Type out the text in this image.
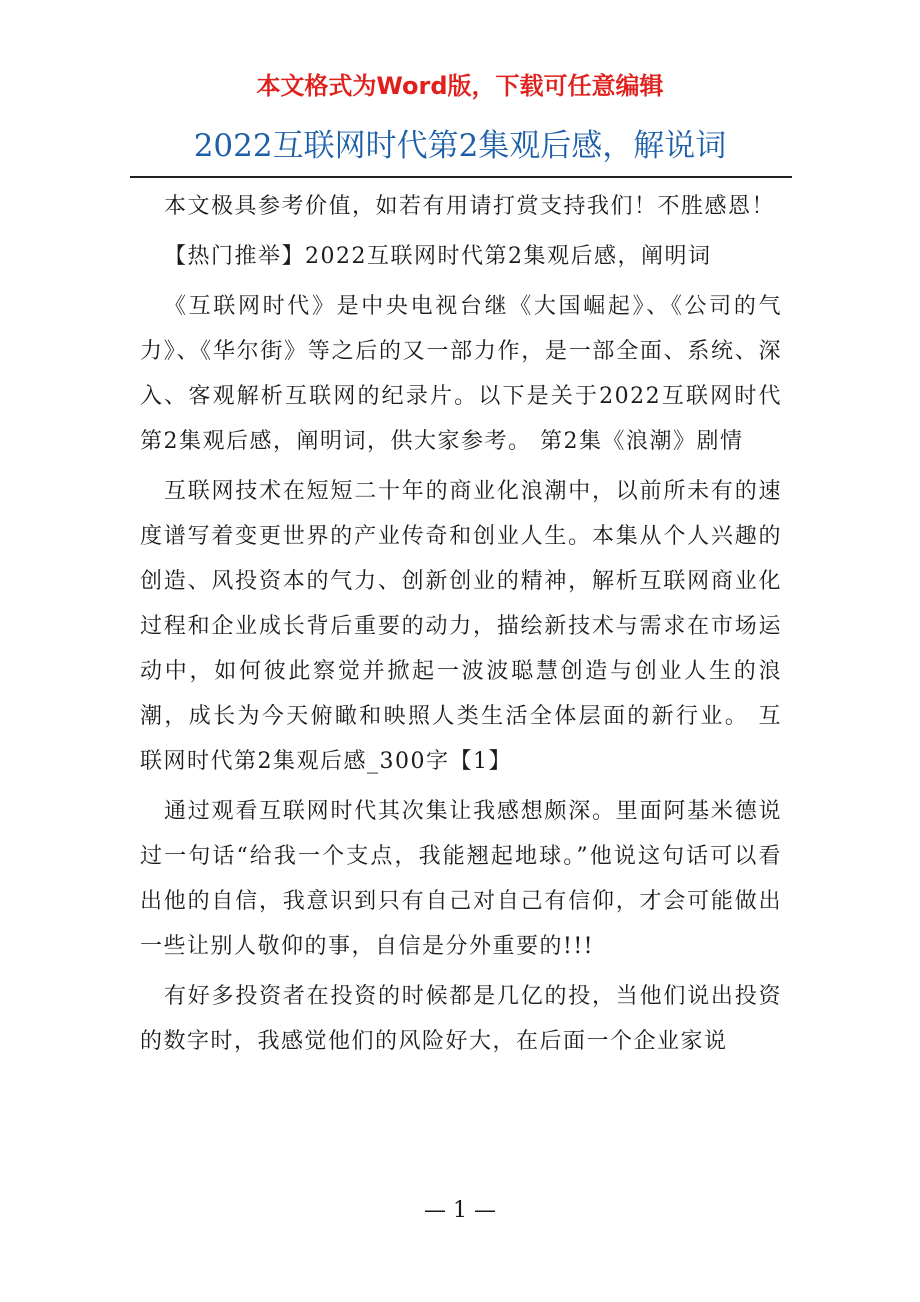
本文格式为Word版，下载可任意编辑
2022互联网时代第2集观后感，解说词

本文极具参考价值，如若有用请打赏支持我们！不胜感恩！

【热门推举】2022互联网时代第2集观后感，阐明词

《互联网时代》是中央电视台继《大国崛起》、《公司的气力》、《华尔街》等之后的又一部力作，是一部全面、系统、深入、客观解析互联网的纪录片。以下是关于2022互联网时代第2集观后感，阐明词，供大家参考。 第2集《浪潮》剧情

互联网技术在短短二十年的商业化浪潮中，以前所未有的速度谱写着变更世界的产业传奇和创业人生。本集从个人兴趣的创造、风投资本的气力、创新创业的精神，解析互联网商业化过程和企业成长背后重要的动力，描绘新技术与需求在市场运动中，如何彼此察觉并掀起一波波聪慧创造与创业人生的浪潮，成长为今天俯瞰和映照人类生活全体层面的新行业。 互联网时代第2集观后感_300字【1】

通过观看互联网时代其次集让我感想颇深。里面阿基米德说过一句话“给我一个支点，我能翘起地球。”他说这句话可以看出他的自信，我意识到只有自己对自己有信仰，才会可能做出一些让别人敬仰的事，自信是分外重要的!!!

有好多投资者在投资的时候都是几亿的投，当他们说出投资的数字时，我感觉他们的风险好大，在后面一个企业家说

— 1 —
